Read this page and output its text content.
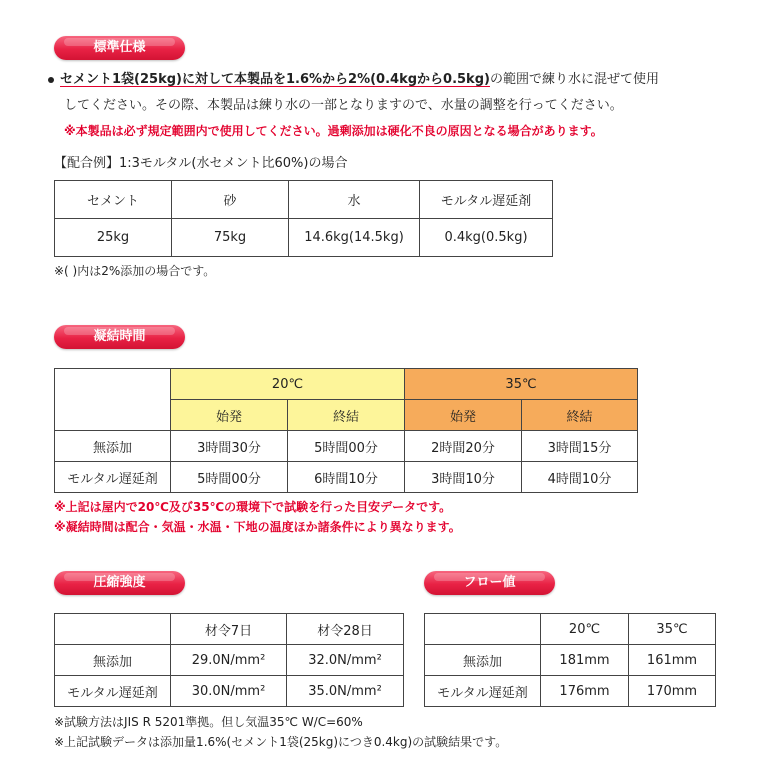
標準仕様
セメント1袋(25kg)に対して本製品を1.6%から2%(0.4kgから0.5kg)の範囲で練り水に混ぜて使用
してください。その際、本製品は練り水の一部となりますので、水量の調整を行ってください。
※本製品は必ず規定範囲内で使用してください。過剰添加は硬化不良の原因となる場合があります。
【配合例】1:3モルタル(水セメント比60%)の場合
セメント	砂	水	モルタル遅延剤
25kg	75kg	14.6kg(14.5kg)	0.4kg(0.5kg)
※( )内は2%添加の場合です。
凝結時間
	20℃		35℃	
	始発	終結	始発	終結
無添加	3時間30分	5時間00分	2時間20分	3時間15分
モルタル遅延剤	5時間00分	6時間10分	3時間10分	4時間10分
※上記は屋内で20℃及び35℃の環境下で試験を行った目安データです。
※凝結時間は配合・気温・水温・下地の温度ほか諸条件により異なります。
圧縮強度
	材令7日	材令28日
無添加	29.0N/mm²	32.0N/mm²
モルタル遅延剤	30.0N/mm²	35.0N/mm²
フロー値
	20℃	35℃
無添加	181mm	161mm
モルタル遅延剤	176mm	170mm
※試験方法はJIS R 5201準拠。但し気温35℃ W/C=60%
※上記試験データは添加量1.6%(セメント1袋(25kg)につき0.4kg)の試験結果です。
